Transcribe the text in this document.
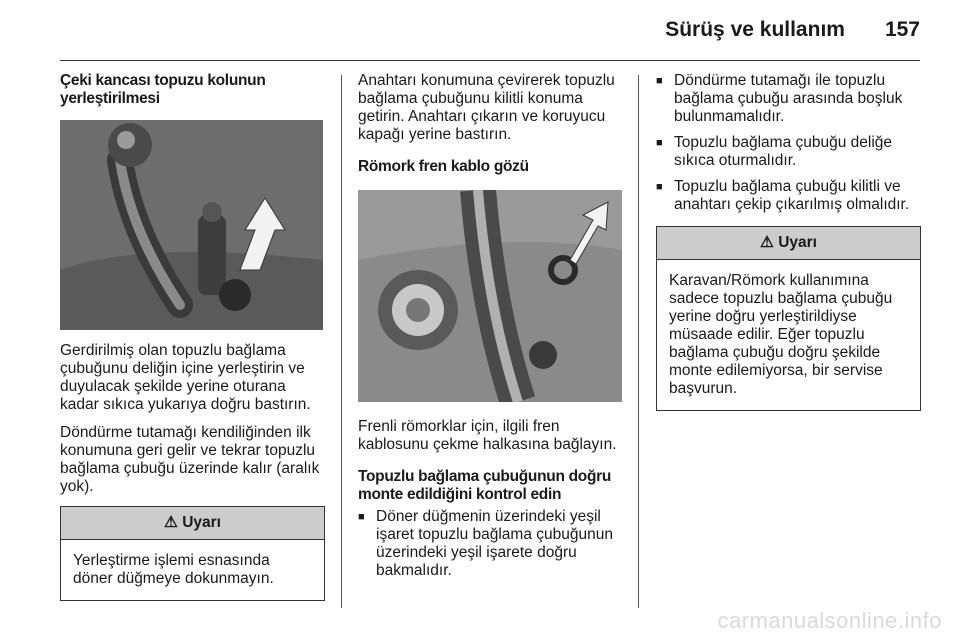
Sürüş ve kullanım 157
Çeki kancası topuzu kolunun yerleştirilmesi

Gerdirilmiş olan topuzlu bağlama çubuğunu deliğin içine yerleştirin ve duyulacak şekilde yerine oturana kadar sıkıca yukarıya doğru bastırın.

Döndürme tutamağı kendiliğinden ilk konumuna geri gelir ve tekrar topuzlu bağlama çubuğu üzerinde kalır (aralık yok).

⚠ Uyarı
Yerleştirme işlemi esnasında döner düğmeye dokunmayın.

Anahtarı konumuna çevirerek topuzlu bağlama çubuğunu kilitli konuma getirin. Anahtarı çıkarın ve koruyucu kapağı yerine bastırın.

Römork fren kablo gözü

Frenli römorklar için, ilgili fren kablosunu çekme halkasına bağlayın.

Topuzlu bağlama çubuğunun doğru monte edildiğini kontrol edin
■ Döner düğmenin üzerindeki yeşil işaret topuzlu bağlama çubuğunun üzerindeki yeşil işarete doğru bakmalıdır.
■ Döndürme tutamağı ile topuzlu bağlama çubuğu arasında boşluk bulunmamalıdır.
■ Topuzlu bağlama çubuğu deliğe sıkıca oturmalıdır.
■ Topuzlu bağlama çubuğu kilitli ve anahtarı çekip çıkarılmış olmalıdır.
⚠ Uyarı
Karavan/Römork kullanımına sadece topuzlu bağlama çubuğu yerine doğru yerleştirildiyse müsaade edilir. Eğer topuzlu bağlama çubuğu doğru şekilde monte edilemiyorsa, bir servise başvurun.
carmanualsonline.info
